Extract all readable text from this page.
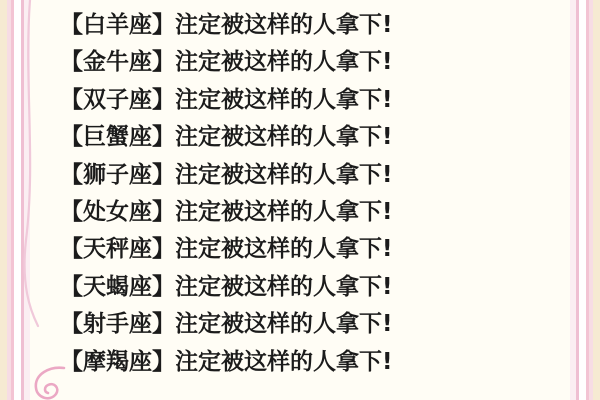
【白羊座】注定被这样的人拿下!
【金牛座】注定被这样的人拿下!
【双子座】注定被这样的人拿下!
【巨蟹座】注定被这样的人拿下!
【狮子座】注定被这样的人拿下!
【处女座】注定被这样的人拿下!
【天秤座】注定被这样的人拿下!
【天蝎座】注定被这样的人拿下!
【射手座】注定被这样的人拿下!
【摩羯座】注定被这样的人拿下!
